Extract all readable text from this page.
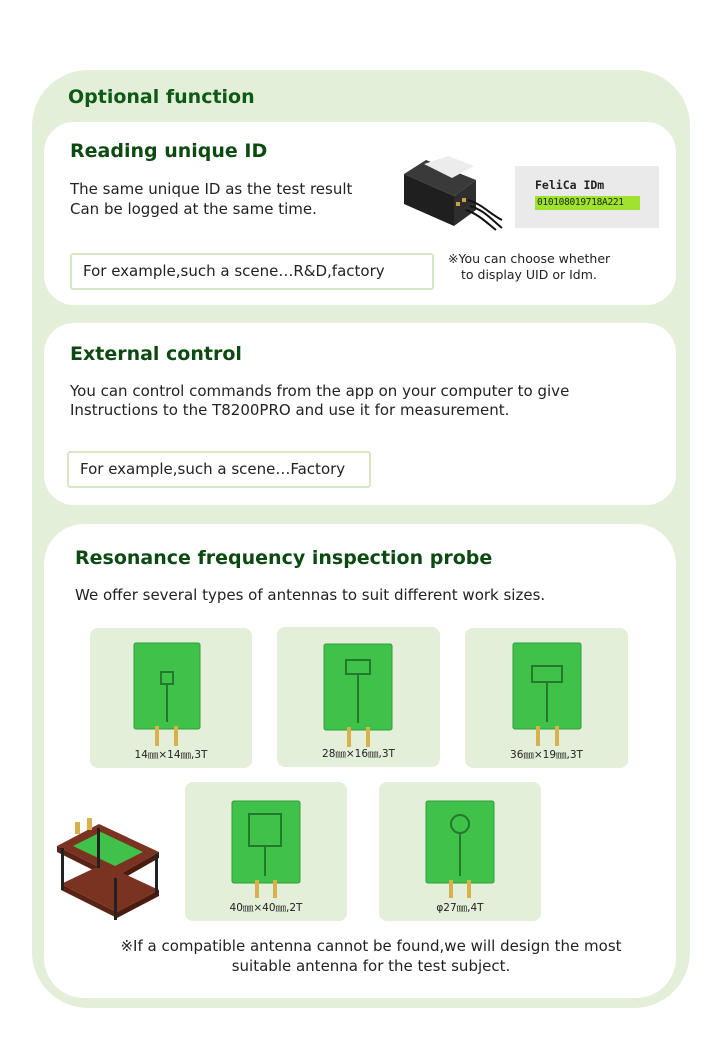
Optional function
Reading unique ID
The same unique ID as the test result
Can be logged at the same time.
For example,such a scene…R&D,factory
FeliCa IDm
010108019718A221
※You can choose whether
to display UID or Idm.
External control
You can control commands from the app on your computer to give
Instructions to the T8200PRO and use it for measurement.
For example,such a scene…Factory
Resonance frequency inspection probe
We offer several types of antennas to suit different work sizes.
14㎜×14㎜,3T	28㎜×16㎜,3T	36㎜×19㎜,3T
40㎜×40㎜,2T	φ27㎜,4T
※If a compatible antenna cannot be found,we will design the most
suitable antenna for the test subject.
